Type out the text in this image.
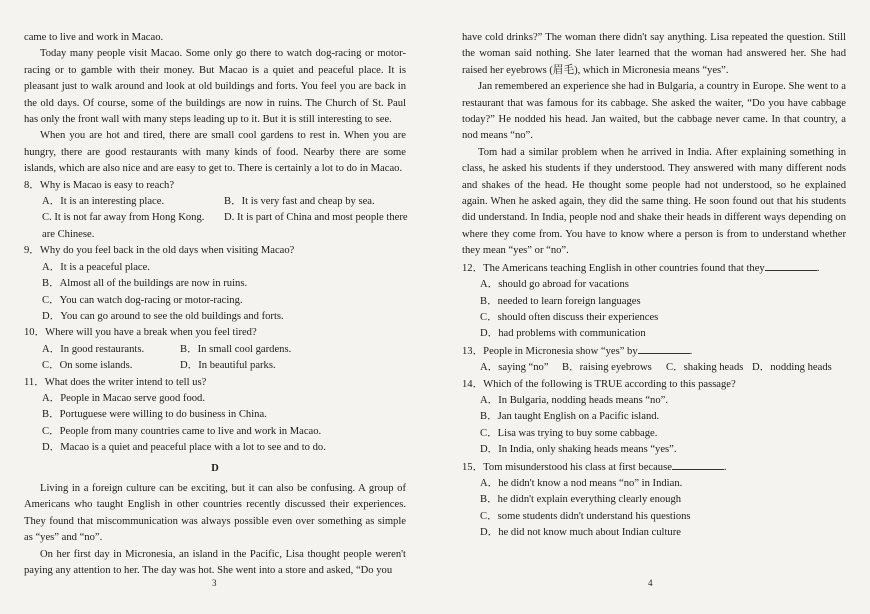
came to live and work in Macao.

Today many people visit Macao. Some only go there to watch dog-racing or motor-racing or to gamble with their money. But Macao is a quiet and peaceful place. It is pleasant just to walk around and look at old buildings and forts. You feel you are back in the old days. Of course, some of the buildings are now in ruins. The Church of St. Paul has only the front wall with many steps leading up to it. But it is still interesting to see.

When you are hot and tired, there are small cool gardens to rest in. When you are hungry, there are good restaurants with many kinds of food. Nearby there are some islands, which are also nice and are easy to get to. There is certainly a lot to do in Macao.

8．Why is Macao is easy to reach?

A．It is an interesting place.	B．It is very fast and cheap by sea.
C. It is not far away from Hong Kong.	D. It is part of China and most people there

are Chinese.

9．Why do you feel back in the old days when visiting Macao?

A．It is a peaceful place.

B．Almost all of the buildings are now in ruins.

C．You can watch dog-racing or motor-racing.

D．You can go around to see the old buildings and forts.

10．Where will you have a break when you feel tired?

A．In good restaurants.	B．In small cool gardens.
C．On some islands.	D．In beautiful parks.

11．What does the writer intend to tell us?

A．People in Macao serve good food.

B．Portuguese were willing to do business in China.

C．People from many countries came to live and work in Macao.

D．Macao is a quiet and peaceful place with a lot to see and to do.

D

Living in a foreign culture can be exciting, but it can also be confusing. A group of Americans who taught English in other countries recently discussed their experiences. They found that miscommunication was always possible even over something as simple as “yes” and “no”.

On her first day in Micronesia, an island in the Pacific, Lisa thought people weren't paying any attention to her. The day was hot. She went into a store and asked, “Do you

have cold drinks?” The woman there didn't say anything. Lisa repeated the question. Still the woman said nothing. She later learned that the woman had answered her. She had raised her eyebrows (眉毛), which in Micronesia means “yes”.

Jan remembered an experience she had in Bulgaria, a country in Europe. She went to a restaurant that was famous for its cabbage. She asked the waiter, “Do you have cabbage today?” He nodded his head. Jan waited, but the cabbage never came. In that country, a nod means “no”.

Tom had a similar problem when he arrived in India. After explaining something in class, he asked his students if they understood. They answered with many different nods and shakes of the head. He thought some people had not understood, so he explained again. When he asked again, they did the same thing. He soon found out that his students did understand. In India, people nod and shake their heads in different ways depending on where they come from. You have to know where a person is from to understand whether they mean “yes” or “no”.

12．The Americans teaching English in other countries found that they	.

A．should go abroad for vacations

B．needed to learn foreign languages

C．should often discuss their experiences

D．had problems with communication

13．People in Micronesia show “yes” by	.

A．saying “no”	B．raising eyebrows	C．shaking heads D．nodding heads

14．Which of the following is TRUE according to this passage?

A．In Bulgaria, nodding heads means “no”.

B．Jan taught English on a Pacific island.

C．Lisa was trying to buy some cabbage.

D．In India, only shaking heads means “yes”.

15．Tom misunderstood his class at first because	.

A．he didn't know a nod means “no” in Indian.

B．he didn't explain everything clearly enough

C．some students didn't understand his questions

D．he did not know much about Indian culture

3	4
